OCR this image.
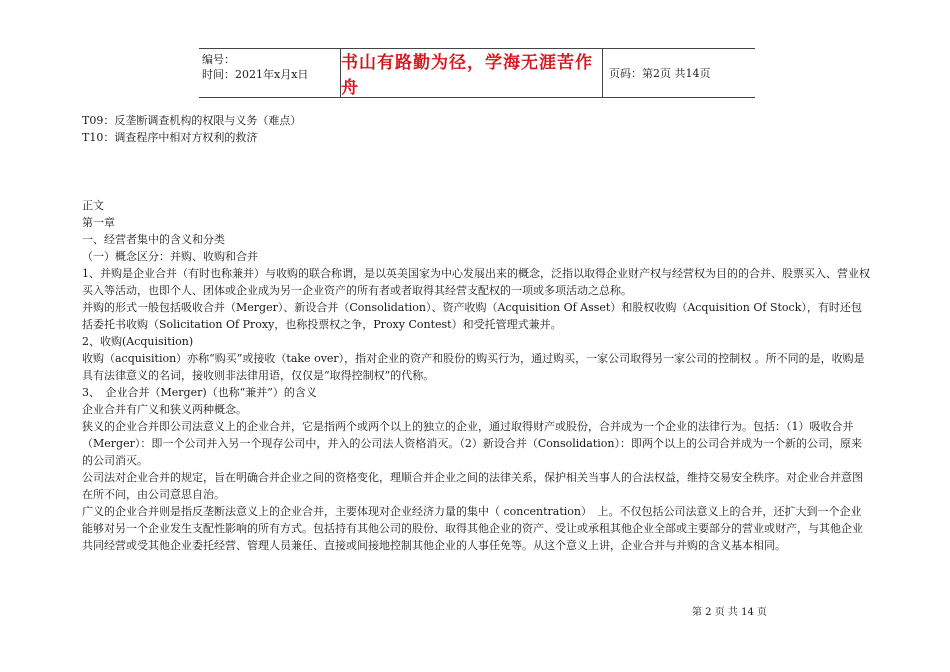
编号：
时间：2021年x月x日
书山有路勤为径，学海无涯苦作舟
页码：第2页 共14页

T09：反垄断调查机构的权限与义务（难点）

T10：调查程序中相对方权利的救济

正文

第一章

一、经营者集中的含义和分类

（一）概念区分：并购、收购和合并

1、并购是企业合并（有时也称兼并）与收购的联合称谓，是以英美国家为中心发展出来的概念，泛指以取得企业财产权与经营权为目的的合并、股票买入、营业权买入等活动，也即个人、团体或企业成为另一企业资产的所有者或者取得其经营支配权的一项或多项活动之总称。

并购的形式一般包括吸收合并（Merger）、新设合并（Consolidation）、资产收购（Acquisition Of Asset）和股权收购（Acquisition Of Stock），有时还包括委托书收购（Solicitation Of Proxy，也称投票权之争，Proxy Contest）和受托管理式兼并。

2、收购(Acquisition)

收购（acquisition）亦称“购买”或接收（take over），指对企业的资产和股份的购买行为，通过购买，一家公司取得另一家公司的控制权 。所不同的是，收购是具有法律意义的名词，接收则非法律用语，仅仅是“取得控制权”的代称。

3、　企业合并（Merger)（也称“兼并”）的含义

企业合并有广义和狭义两种概念。

狭义的企业合并即公司法意义上的企业合并，它是指两个或两个以上的独立的企业，通过取得财产或股份，合并成为一个企业的法律行为。包括：（1）吸收合并（Merger）：即一个公司并入另一个现存公司中，并入的公司法人资格消灭。（2）新设合并（Consolidation）：即两个以上的公司合并成为一个新的公司，原来的公司消灭。

公司法对企业合并的规定，旨在明确合并企业之间的资格变化，理顺合并企业之间的法律关系，保护相关当事人的合法权益，维持交易安全秩序。对企业合并意图在所不问，由公司意思自治。

广义的企业合并则是指反垄断法意义上的企业合并，主要体现对企业经济力量的集中（ concentration）　上。不仅包括公司法意义上的合并，还扩大到一个企业能够对另一个企业发生支配性影响的所有方式。包括持有其他公司的股份、取得其他企业的资产、受让或承租其他企业全部或主要部分的营业或财产，与其他企业共同经营或受其他企业委托经营、管理人员兼任、直接或间接地控制其他企业的人事任免等。从这个意义上讲，企业合并与并购的含义基本相同。

第 2 页 共 14 页
